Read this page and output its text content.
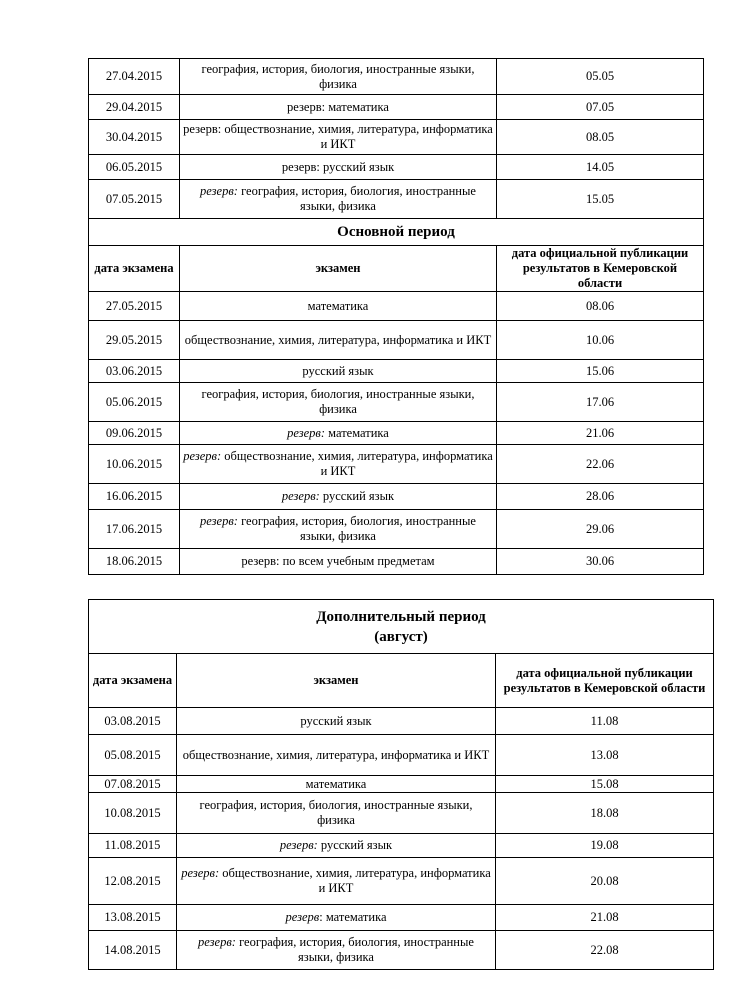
27.04.2015	география, история, биология, иностранные языки, физика	05.05
29.04.2015	резерв: математика	07.05
30.04.2015	резерв: обществознание, химия, литература, информатика и ИКТ	08.05
06.05.2015	резерв: русский язык	14.05
07.05.2015	резерв: география, история, биология, иностранные языки, физика	15.05
Основной период		
дата экзамена	экзамен	дата официальной публикации результатов в Кемеровской области
27.05.2015	математика	08.06
29.05.2015	обществознание, химия, литература, информатика и ИКТ	10.06
03.06.2015	русский язык	15.06
05.06.2015	география, история, биология, иностранные языки, физика	17.06
09.06.2015	резерв: математика	21.06
10.06.2015	резерв: обществознание, химия, литература, информатика и ИКТ	22.06
16.06.2015	резерв: русский язык	28.06
17.06.2015	резерв: география, история, биология, иностранные языки, физика	29.06
18.06.2015	резерв: по всем учебным предметам	30.06
Дополнительный период
(август)		
дата экзамена	экзамен	дата официальной публикации результатов в Кемеровской области
03.08.2015	русский язык	11.08
05.08.2015	обществознание, химия, литература, информатика и ИКТ	13.08
07.08.2015	математика	15.08
10.08.2015	география, история, биология, иностранные языки, физика	18.08
11.08.2015	резерв: русский язык	19.08
12.08.2015	резерв: обществознание, химия, литература, информатика и ИКТ	20.08
13.08.2015	резерв: математика	21.08
14.08.2015	резерв: география, история, биология, иностранные языки, физика	22.08
